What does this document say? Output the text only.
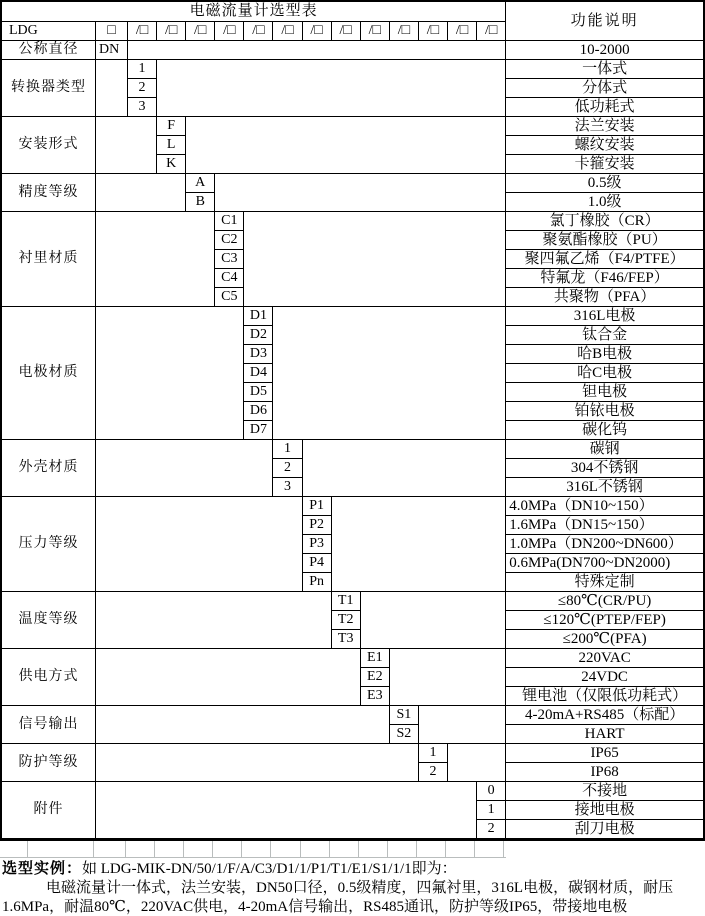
电磁流量计选型表
功能说明
LDG	□	/□	/□	/□	/□	/□	/□	/□	/□	/□	/□	/□	/□	/□
公称直径	DN	10-2000
转换器类型
1	一体式
2	分体式
3	低功耗式
安装形式
F	法兰安装
L	螺纹安装
K	卡箍安装
精度等级
A	0.5级
B	1.0级
衬里材质
C1	氯丁橡胶（CR）
C2	聚氨酯橡胶（PU）
C3	聚四氟乙烯（F4/PTFE）
C4	特氟龙（F46/FEP）
C5	共聚物（PFA）
电极材质
D1	316L电极
D2	钛合金
D3	哈B电极
D4	哈C电极
D5	钽电极
D6	铂铱电极
D7	碳化钨
外壳材质
1	碳钢
2	304不锈钢
3	316L不锈钢
压力等级
P1	4.0MPa（DN10~150）
P2	1.6MPa（DN15~150）
P3	1.0MPa（DN200~DN600）
P4	0.6MPa(DN700~DN2000)
Pn	特殊定制
温度等级
T1	≤80℃(CR/PU)
T2	≤120℃(PTEP/FEP)
T3	≤200℃(PFA)
供电方式
E1	220VAC
E2	24VDC
E3	锂电池（仅限低功耗式）
信号输出
S1	4-20mA+RS485（标配）
S2	HART
防护等级
1	IP65
2	IP68
附件
0	不接地
1	接地电极
2	刮刀电极
选型实例：如 LDG-MIK-DN/50/1/F/A/C3/D1/1/P1/T1/E1/S1/1/1即为：

电磁流量计一体式，法兰安装，DN50口径，0.5级精度，四氟衬里，316L电极，碳钢材质，耐压1.6MPa，耐温80℃，220VAC供电，4-20mA信号输出，RS485通讯，防护等级IP65，带接地电极
